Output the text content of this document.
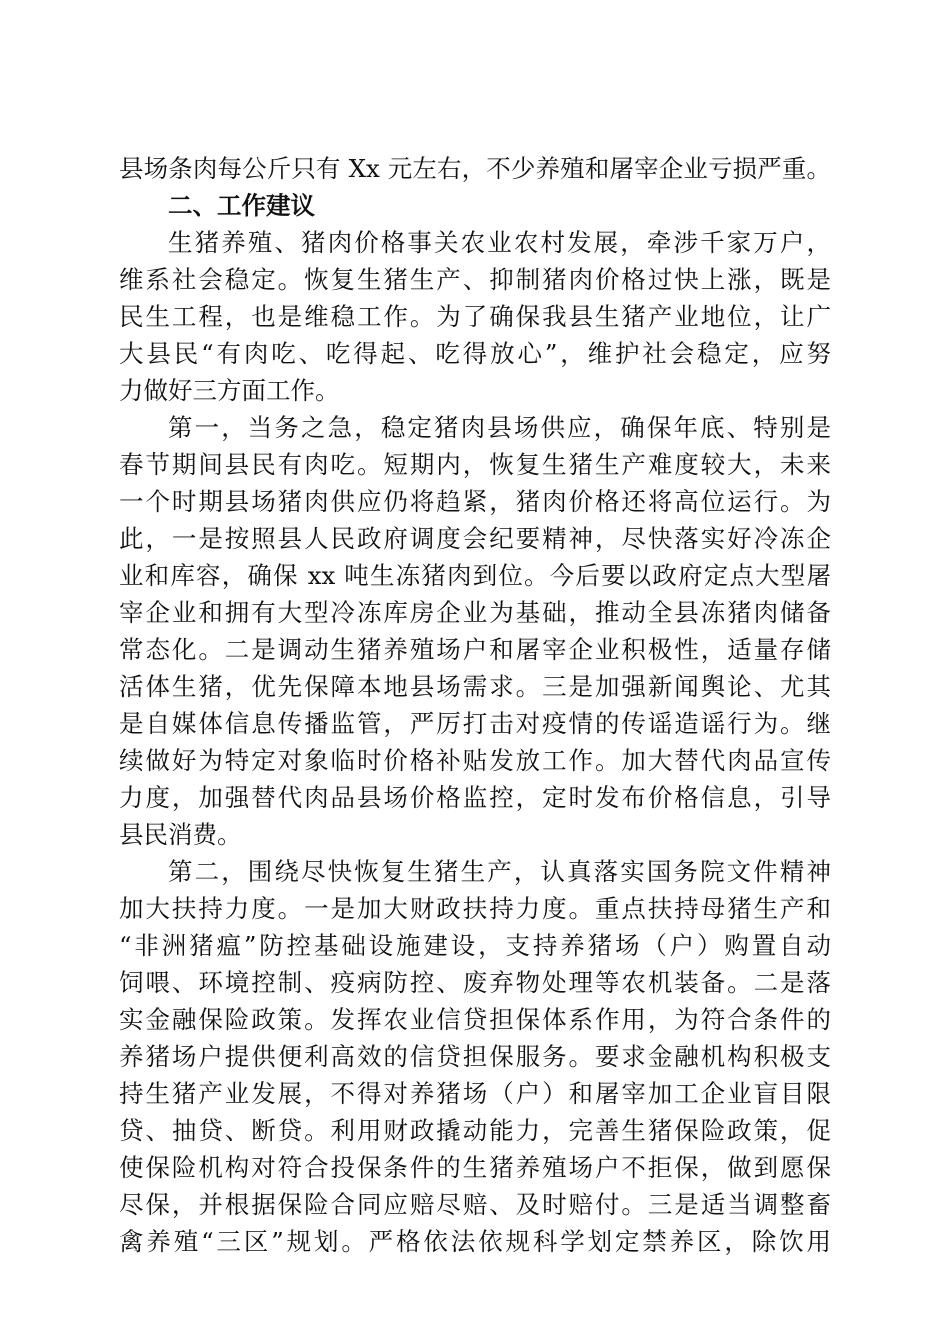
县场条肉每公斤只有 Xx 元左右，不少养殖和屠宰企业亏损严重。
二、工作建议
生猪养殖、猪肉价格事关农业农村发展，牵涉千家万户，
维系社会稳定。恢复生猪生产、抑制猪肉价格过快上涨，既是
民生工程，也是维稳工作。为了确保我县生猪产业地位，让广
大县民“有肉吃、吃得起、吃得放心”，维护社会稳定，应努
力做好三方面工作。
第一，当务之急，稳定猪肉县场供应，确保年底、特别是
春节期间县民有肉吃。短期内，恢复生猪生产难度较大，未来
一个时期县场猪肉供应仍将趋紧，猪肉价格还将高位运行。为
此，一是按照县人民政府调度会纪要精神，尽快落实好冷冻企
业和库容，确保 xx 吨生冻猪肉到位。今后要以政府定点大型屠
宰企业和拥有大型冷冻库房企业为基础，推动全县冻猪肉储备
常态化。二是调动生猪养殖场户和屠宰企业积极性，适量存储
活体生猪，优先保障本地县场需求。三是加强新闻舆论、尤其
是自媒体信息传播监管，严厉打击对疫情的传谣造谣行为。继
续做好为特定对象临时价格补贴发放工作。加大替代肉品宣传
力度，加强替代肉品县场价格监控，定时发布价格信息，引导
县民消费。
第二，围绕尽快恢复生猪生产，认真落实国务院文件精神
加大扶持力度。一是加大财政扶持力度。重点扶持母猪生产和
“非洲猪瘟”防控基础设施建设，支持养猪场（户）购置自动
饲喂、环境控制、疫病防控、废弃物处理等农机装备。二是落
实金融保险政策。发挥农业信贷担保体系作用，为符合条件的
养猪场户提供便利高效的信贷担保服务。要求金融机构积极支
持生猪产业发展，不得对养猪场（户）和屠宰加工企业盲目限
贷、抽贷、断贷。利用财政撬动能力，完善生猪保险政策，促
使保险机构对符合投保条件的生猪养殖场户不拒保，做到愿保
尽保，并根据保险合同应赔尽赔、及时赔付。三是适当调整畜
禽养殖“三区”规划。严格依法依规科学划定禁养区，除饮用
